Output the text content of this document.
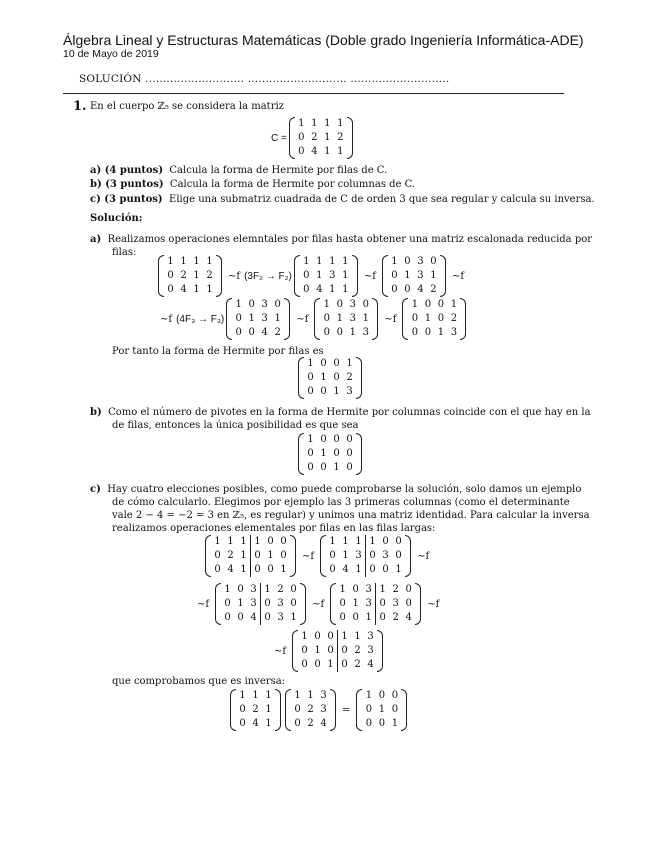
Álgebra Lineal y Estructuras Matemáticas (Doble grado Ingeniería Informática-ADE)
10 de Mayo de 2019
SOLUCIÓN ............................ ............................ ............................
1. En el cuerpo ℤ₅ se considera la matriz
C =
1	1	1	1
0	2	1	2
0	4	1	1
a) (4 puntos) Calcula la forma de Hermite por filas de C.
b) (3 puntos) Calcula la forma de Hermite por columnas de C.
c) (3 puntos) Elige una submatriz cuadrada de C de orden 3 que sea regular y calcula su inversa.
Solución:
a) Realizamos operaciones elemntales por filas hasta obtener una matriz escalonada reducida por
filas:
1	1	1	1
0	2	1	2
0	4	1	1
∼f (3F₂ → F₂)
1	1	1	1
0	1	3	1
0	4	1	1
∼f
1	0	3	0
0	1	3	1
0	0	4	2
∼f
∼f (4F₃ → F₃)
1	0	3	0
0	1	3	1
0	0	4	2
∼f
1	0	3	0
0	1	3	1
0	0	1	3
∼f
1	0	0	1
0	1	0	2
0	0	1	3
Por tanto la forma de Hermite por filas es
1	0	0	1
0	1	0	2
0	0	1	3
b) Como el número de pivotes en la forma de Hermite por columnas coincide con el que hay en la
de filas, entonces la única posibilidad es que sea
1	0	0	0
0	1	0	0
0	0	1	0
c) Hay cuatro elecciones posibles, como puede comprobarse la solución, solo damos un ejemplo
de cómo calcularlo. Elegimos por ejemplo las 3 primeras columnas (como el determinante
vale 2 − 4 = −2 = 3 en ℤ₅, es regular) y unimos una matriz identidad. Para calcular la inversa
realizamos operaciones elementales por filas en las filas largas:
1	1	1	1	0	0
0	2	1	0	1	0
0	4	1	0	0	1
∼f
1	1	1	1	0	0
0	1	3	0	3	0
0	4	1	0	0	1
∼f
∼f
1	0	3	1	2	0
0	1	3	0	3	0
0	0	4	0	3	1
∼f
1	0	3	1	2	0
0	1	3	0	3	0
0	0	1	0	2	4
∼f
∼f
1	0	0	1	1	3
0	1	0	0	2	3
0	0	1	0	2	4
que comprobamos que es inversa:
1	1	1
0	2	1
0	4	1
1	1	3
0	2	3
0	2	4
=
1	0	0
0	1	0
0	0	1
